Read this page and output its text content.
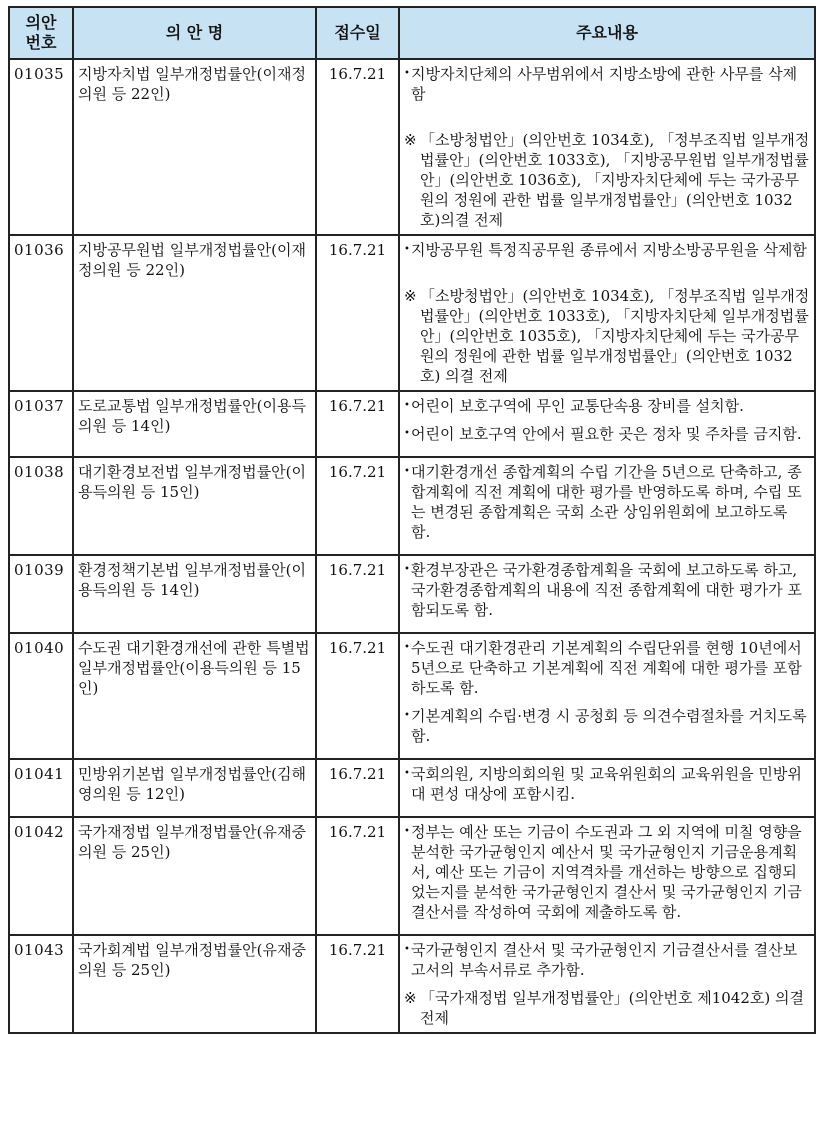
의안
번호	의 안 명	접수일	주요내용
01035	지방자치법 일부개정법률안(이재정의원 등 22인)	16.7.21	• 지방자치단체의 사무범위에서 지방소방에 관한 사무를 삭제함
※ 「소방청법안」(의안번호 1034호), 「정부조직법 일부개정법률안」(의안번호 1033호), 「지방공무원법 일부개정법률안」(의안번호 1036호), 「지방자치단체에 두는 국가공무원의 정원에 관한 법률 일부개정법률안」(의안번호 1032호)의결 전제

01036	지방공무원법 일부개정법률안(이재정의원 등 22인)	16.7.21	• 지방공무원 특정직공무원 종류에서 지방소방공무원을 삭제함
※ 「소방청법안」(의안번호 1034호), 「정부조직법 일부개정법률안」(의안번호 1033호), 「지방자치단체 일부개정법률안」(의안번호 1035호), 「지방자치단체에 두는 국가공무원의 정원에 관한 법률 일부개정법률안」(의안번호 1032호) 의결 전제

01037	도로교통법 일부개정법률안(이용득의원 등 14인)	16.7.21	• 어린이 보호구역에 무인 교통단속용 장비를 설치함.
• 어린이 보호구역 안에서 필요한 곳은 정차 및 주차를 금지함.

01038	대기환경보전법 일부개정법률안(이용득의원 등 15인)	16.7.21	• 대기환경개선 종합계획의 수립 기간을 5년으로 단축하고, 종합계획에 직전 계획에 대한 평가를 반영하도록 하며, 수립 또는 변경된 종합계획은 국회 소관 상임위원회에 보고하도록 함.

01039	환경정책기본법 일부개정법률안(이용득의원 등 14인)	16.7.21	• 환경부장관은 국가환경종합계획을 국회에 보고하도록 하고, 국가환경종합계획의 내용에 직전 종합계획에 대한 평가가 포함되도록 함.

01040	수도권 대기환경개선에 관한 특별법 일부개정법률안(이용득의원 등 15인)	16.7.21	• 수도권 대기환경관리 기본계획의 수립단위를 현행 10년에서 5년으로 단축하고 기본계획에 직전 계획에 대한 평가를 포함하도록 함.
• 기본계획의 수립·변경 시 공청회 등 의견수렴절차를 거치도록 함.

01041	민방위기본법 일부개정법률안(김해영의원 등 12인)	16.7.21	• 국회의원, 지방의회의원 및 교육위원회의 교육위원을 민방위대 편성 대상에 포함시킴.

01042	국가재정법 일부개정법률안(유재중의원 등 25인)	16.7.21	• 정부는 예산 또는 기금이 수도권과 그 외 지역에 미칠 영향을 분석한 국가균형인지 예산서 및 국가균형인지 기금운용계획서, 예산 또는 기금이 지역격차를 개선하는 방향으로 집행되었는지를 분석한 국가균형인지 결산서 및 국가균형인지 기금결산서를 작성하여 국회에 제출하도록 함.

01043	국가회계법 일부개정법률안(유재중의원 등 25인)	16.7.21	• 국가균형인지 결산서 및 국가균형인지 기금결산서를 결산보고서의 부속서류로 추가함.
※ 「국가재정법 일부개정법률안」(의안번호 제1042호) 의결 전제
